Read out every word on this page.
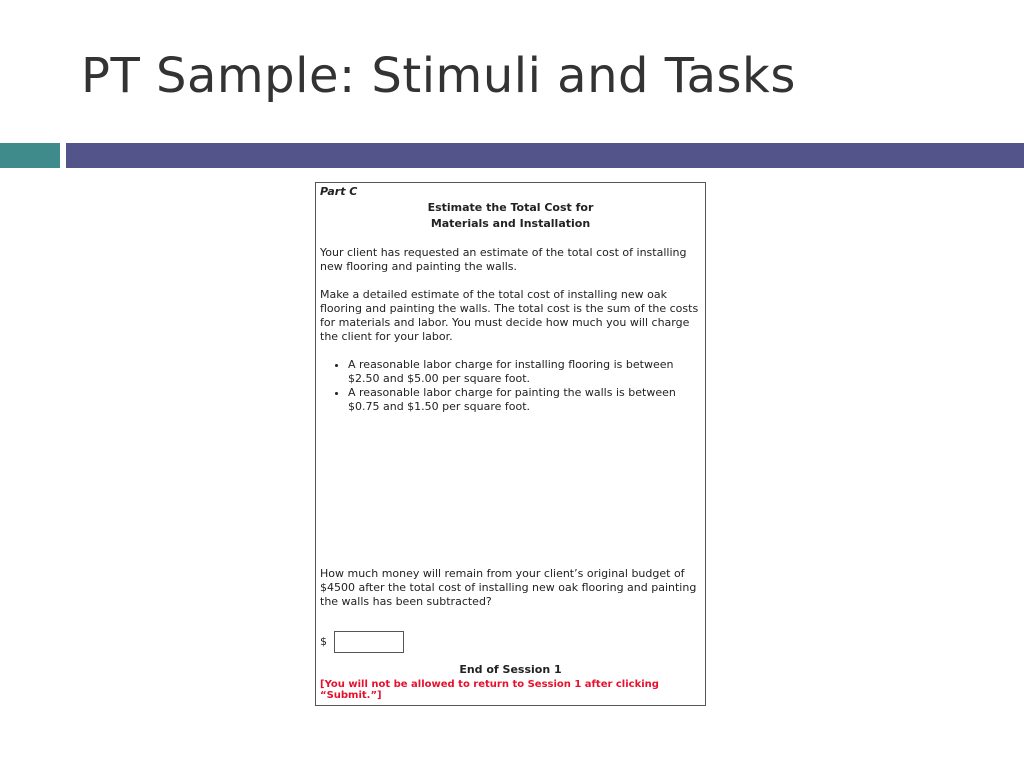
PT Sample: Stimuli and Tasks
Part C
Estimate the Total Cost for
Materials and Installation
Your client has requested an estimate of the total cost of installing new flooring and painting the walls.
Make a detailed estimate of the total cost of installing new oak flooring and painting the walls. The total cost is the sum of the costs for materials and labor. You must decide how much you will charge the client for your labor.
• A reasonable labor charge for installing flooring is between $2.50 and $5.00 per square foot.
• A reasonable labor charge for painting the walls is between $0.75 and $1.50 per square foot.
How much money will remain from your client’s original budget of $4500 after the total cost of installing new oak flooring and painting the walls has been subtracted?
$
End of Session 1
[You will not be allowed to return to Session 1 after clicking “Submit.”]
